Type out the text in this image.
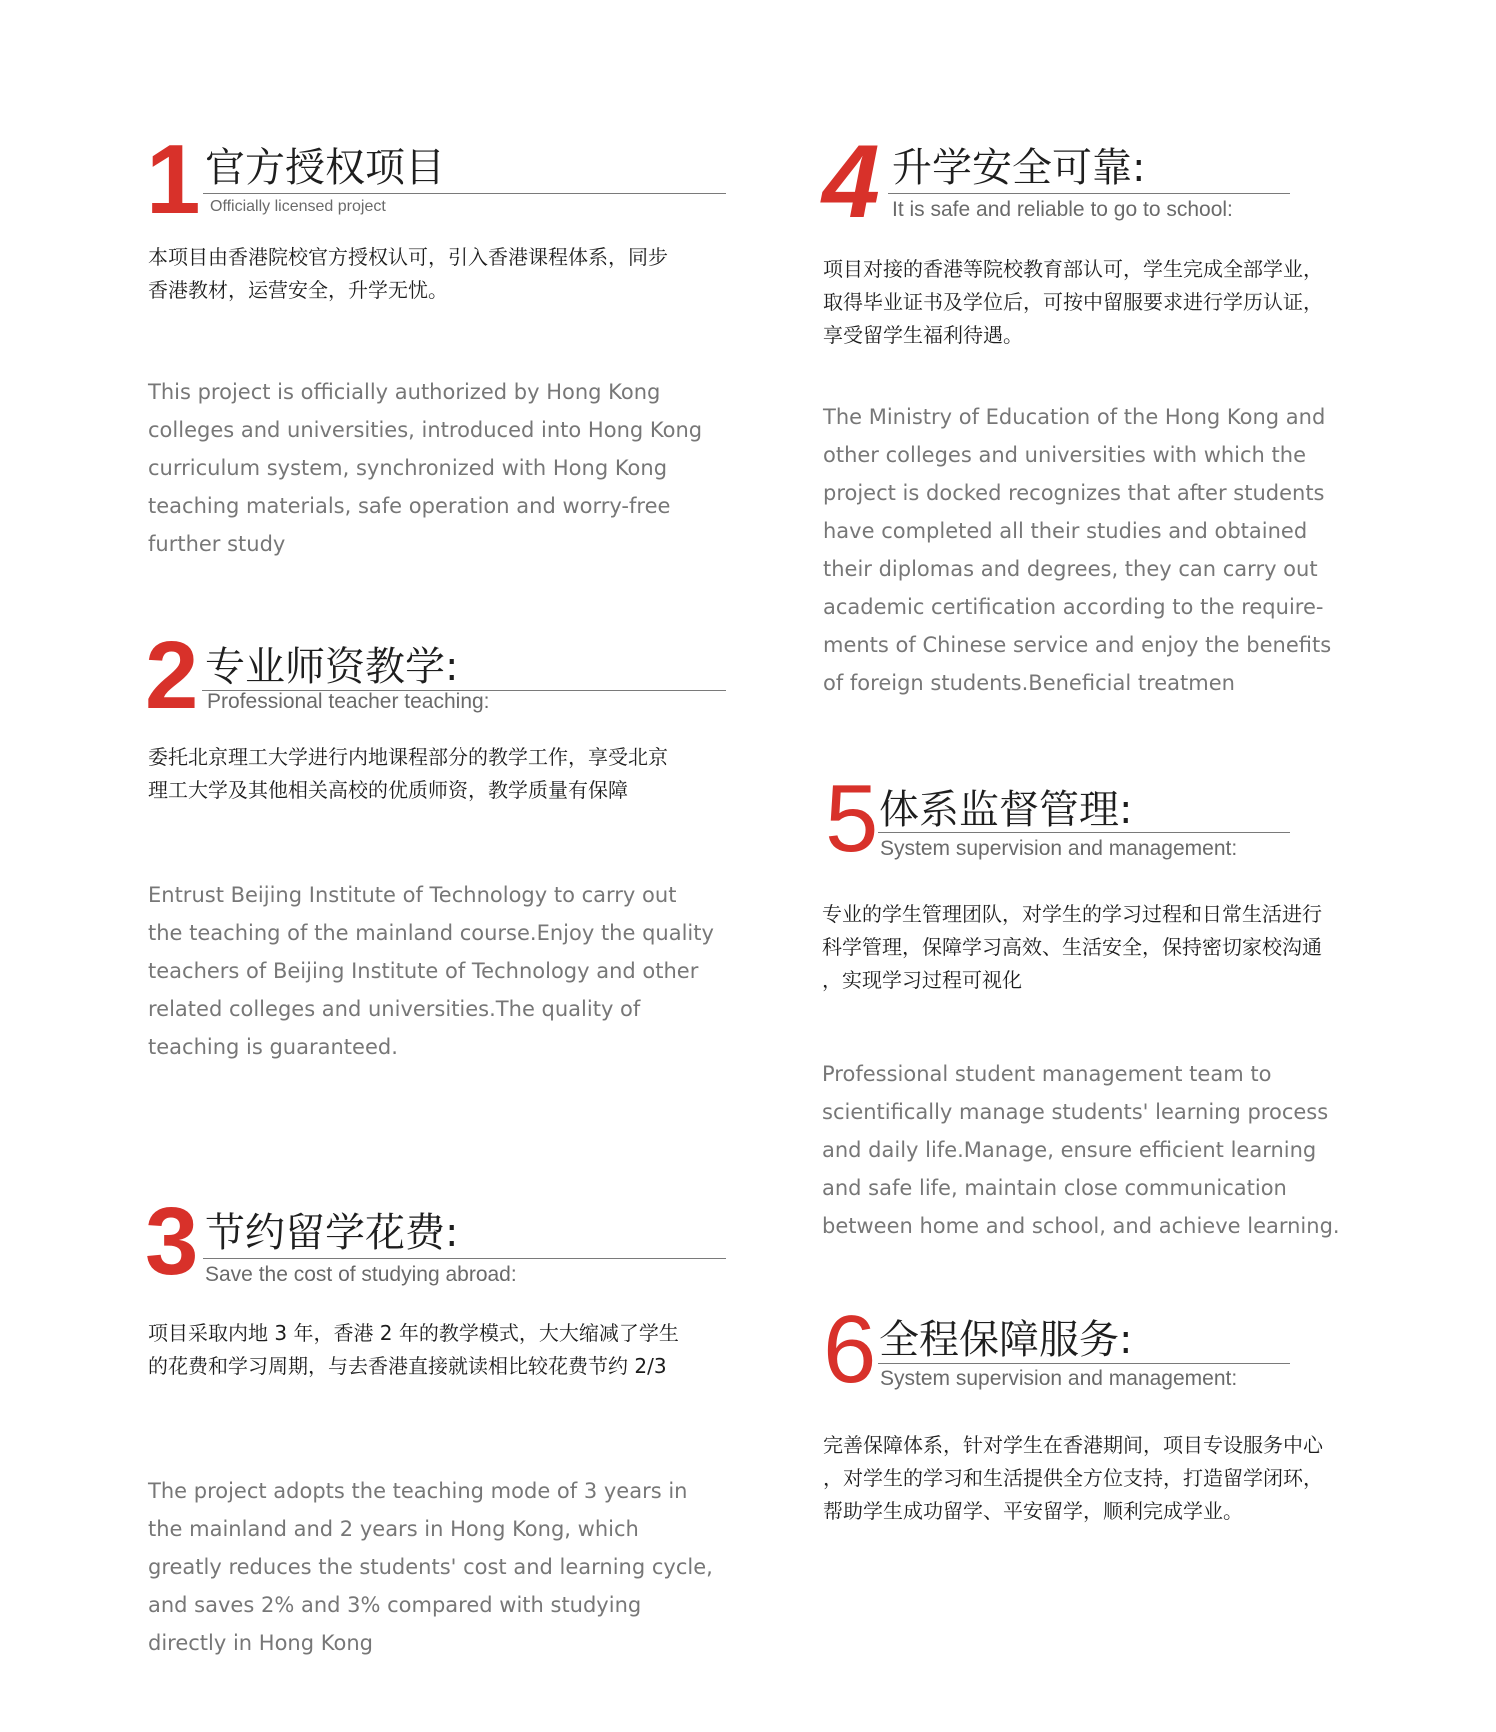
1 官方授权项目
Officially licensed project

本项目由香港院校官方授权认可，引入香港课程体系，同步
香港教材，运营安全，升学无忧。

This project is officially authorized by Hong Kong
colleges and universities, introduced into Hong Kong
curriculum system, synchronized with Hong Kong
teaching materials, safe operation and worry-free
further study

2 专业师资教学:
Professional teacher teaching:

委托北京理工大学进行内地课程部分的教学工作，享受北京
理工大学及其他相关高校的优质师资，教学质量有保障

Entrust Beijing Institute of Technology to carry out
the teaching of the mainland course.Enjoy the quality
teachers of Beijing Institute of Technology and other
related colleges and universities.The quality of
teaching is guaranteed.

3 节约留学花费:
Save the cost of studying abroad:

项目采取内地 3 年，香港 2 年的教学模式，大大缩减了学生
的花费和学习周期，与去香港直接就读相比较花费节约 2/3

The project adopts the teaching mode of 3 years in
the mainland and 2 years in Hong Kong, which
greatly reduces the students' cost and learning cycle,
and saves 2% and 3% compared with studying
directly in Hong Kong

4 升学安全可靠:
It is safe and reliable to go to school:

项目对接的香港等院校教育部认可，学生完成全部学业，
取得毕业证书及学位后，可按中留服要求进行学历认证，
享受留学生福利待遇。

The Ministry of Education of the Hong Kong and
other colleges and universities with which the
project is docked recognizes that after students
have completed all their studies and obtained
their diplomas and degrees, they can carry out
academic certification according to the require-
ments of Chinese service and enjoy the benefits
of foreign students.Beneficial treatmen

5 体系监督管理:
System supervision and management:

专业的学生管理团队，对学生的学习过程和日常生活进行
科学管理，保障学习高效、生活安全，保持密切家校沟通
，实现学习过程可视化

Professional student management team to
scientifically manage students' learning process
and daily life.Manage, ensure efficient learning
and safe life, maintain close communication
between home and school, and achieve learning.

6 全程保障服务:
System supervision and management:

完善保障体系，针对学生在香港期间，项目专设服务中心
，对学生的学习和生活提供全方位支持，打造留学闭环，
帮助学生成功留学、平安留学，顺利完成学业。
